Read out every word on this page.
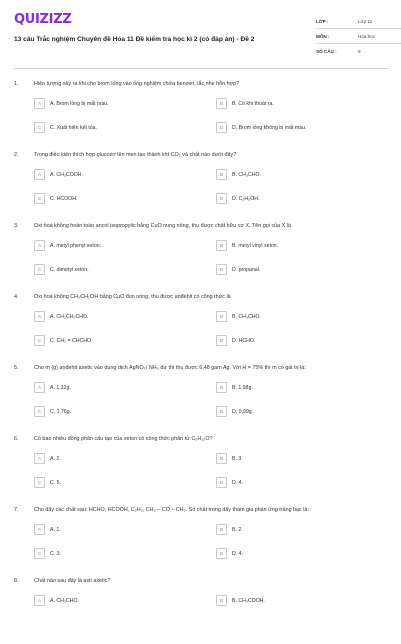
QUIZIZZ
13 câu Trắc nghiệm Chuyên đề Hóa 11 Đề kiểm tra học kì 2 (có đáp án) - Đề 2
LỚP :	Lớp 11
MÔN :	Hóa học
SỐ CÂU :	9
1.	Hiện tượng xảy ra khi cho brom lỏng vào ống nghiệm chứa benzen, lắc nhẹ hỗn hợp?
A	A. Brom lỏng bị mất màu.	B	B. Có khí thoát ra.
C	C. Xuất hiện kết tủa.	D	D. Brom lỏng không bị mất màu.
2.	Trong điều kiện thích hợp glucozơ lên men tạo thành khí CO₂ và chất nào dưới đây?
A	A. CH₃COOH.	B	B. CH₃CHO.
C	C. HCOOH.	D	D. C₂H₅OH.
3.	Oxi hoá không hoàn toàn ancol isopropylic bằng CuO nung nóng, thu được chất hữu cơ X. Tên gọi của X là
A	A. metyl phenyl xeton.	B	B. metyl vinyl xeton.
C	C. dimetyl xeton.	D	D. propanal.
4.	Oxi hoá không CH₃CH₂OH bằng CuO đun nóng, thu được anđehit có công thức là
A	A. CH₃CH₂CHO.	B	B. CH₃CHO.
C	C. CH₂ = CHCHO.	D	D. HCHO.
5.	Cho m (g) anđehit axetic vào dung dịch AgNO₃/ NH₃ dư thì thu được 6,48 gam Ag. Với H = 75% thì m có giá trị là:
A	A. 1,32g.	B	B. 1,98g.
C	C. 1,76g.	D	D. 0,99g.
6.	Có bao nhiêu đồng phân cấu tạo của xeton có công thức phân tử C₅H₁₀O?
A	A. 2.	B	B. 3.
C	C. 5.	D	D. 4.
7.	Cho dãy các chất sau: HCHO, HCOOH, C₂H₂, CH₃ – CO – CH₃. Số chất trong dãy tham gia phản ứng tráng bạc là:
A	A. 1.	B	B. 2.
C	C. 3.	D	D. 4.
8.	Chất nào sau đây là axit axetic?
A	A. CH₃CHO.	B	B. CH₃COOH.
